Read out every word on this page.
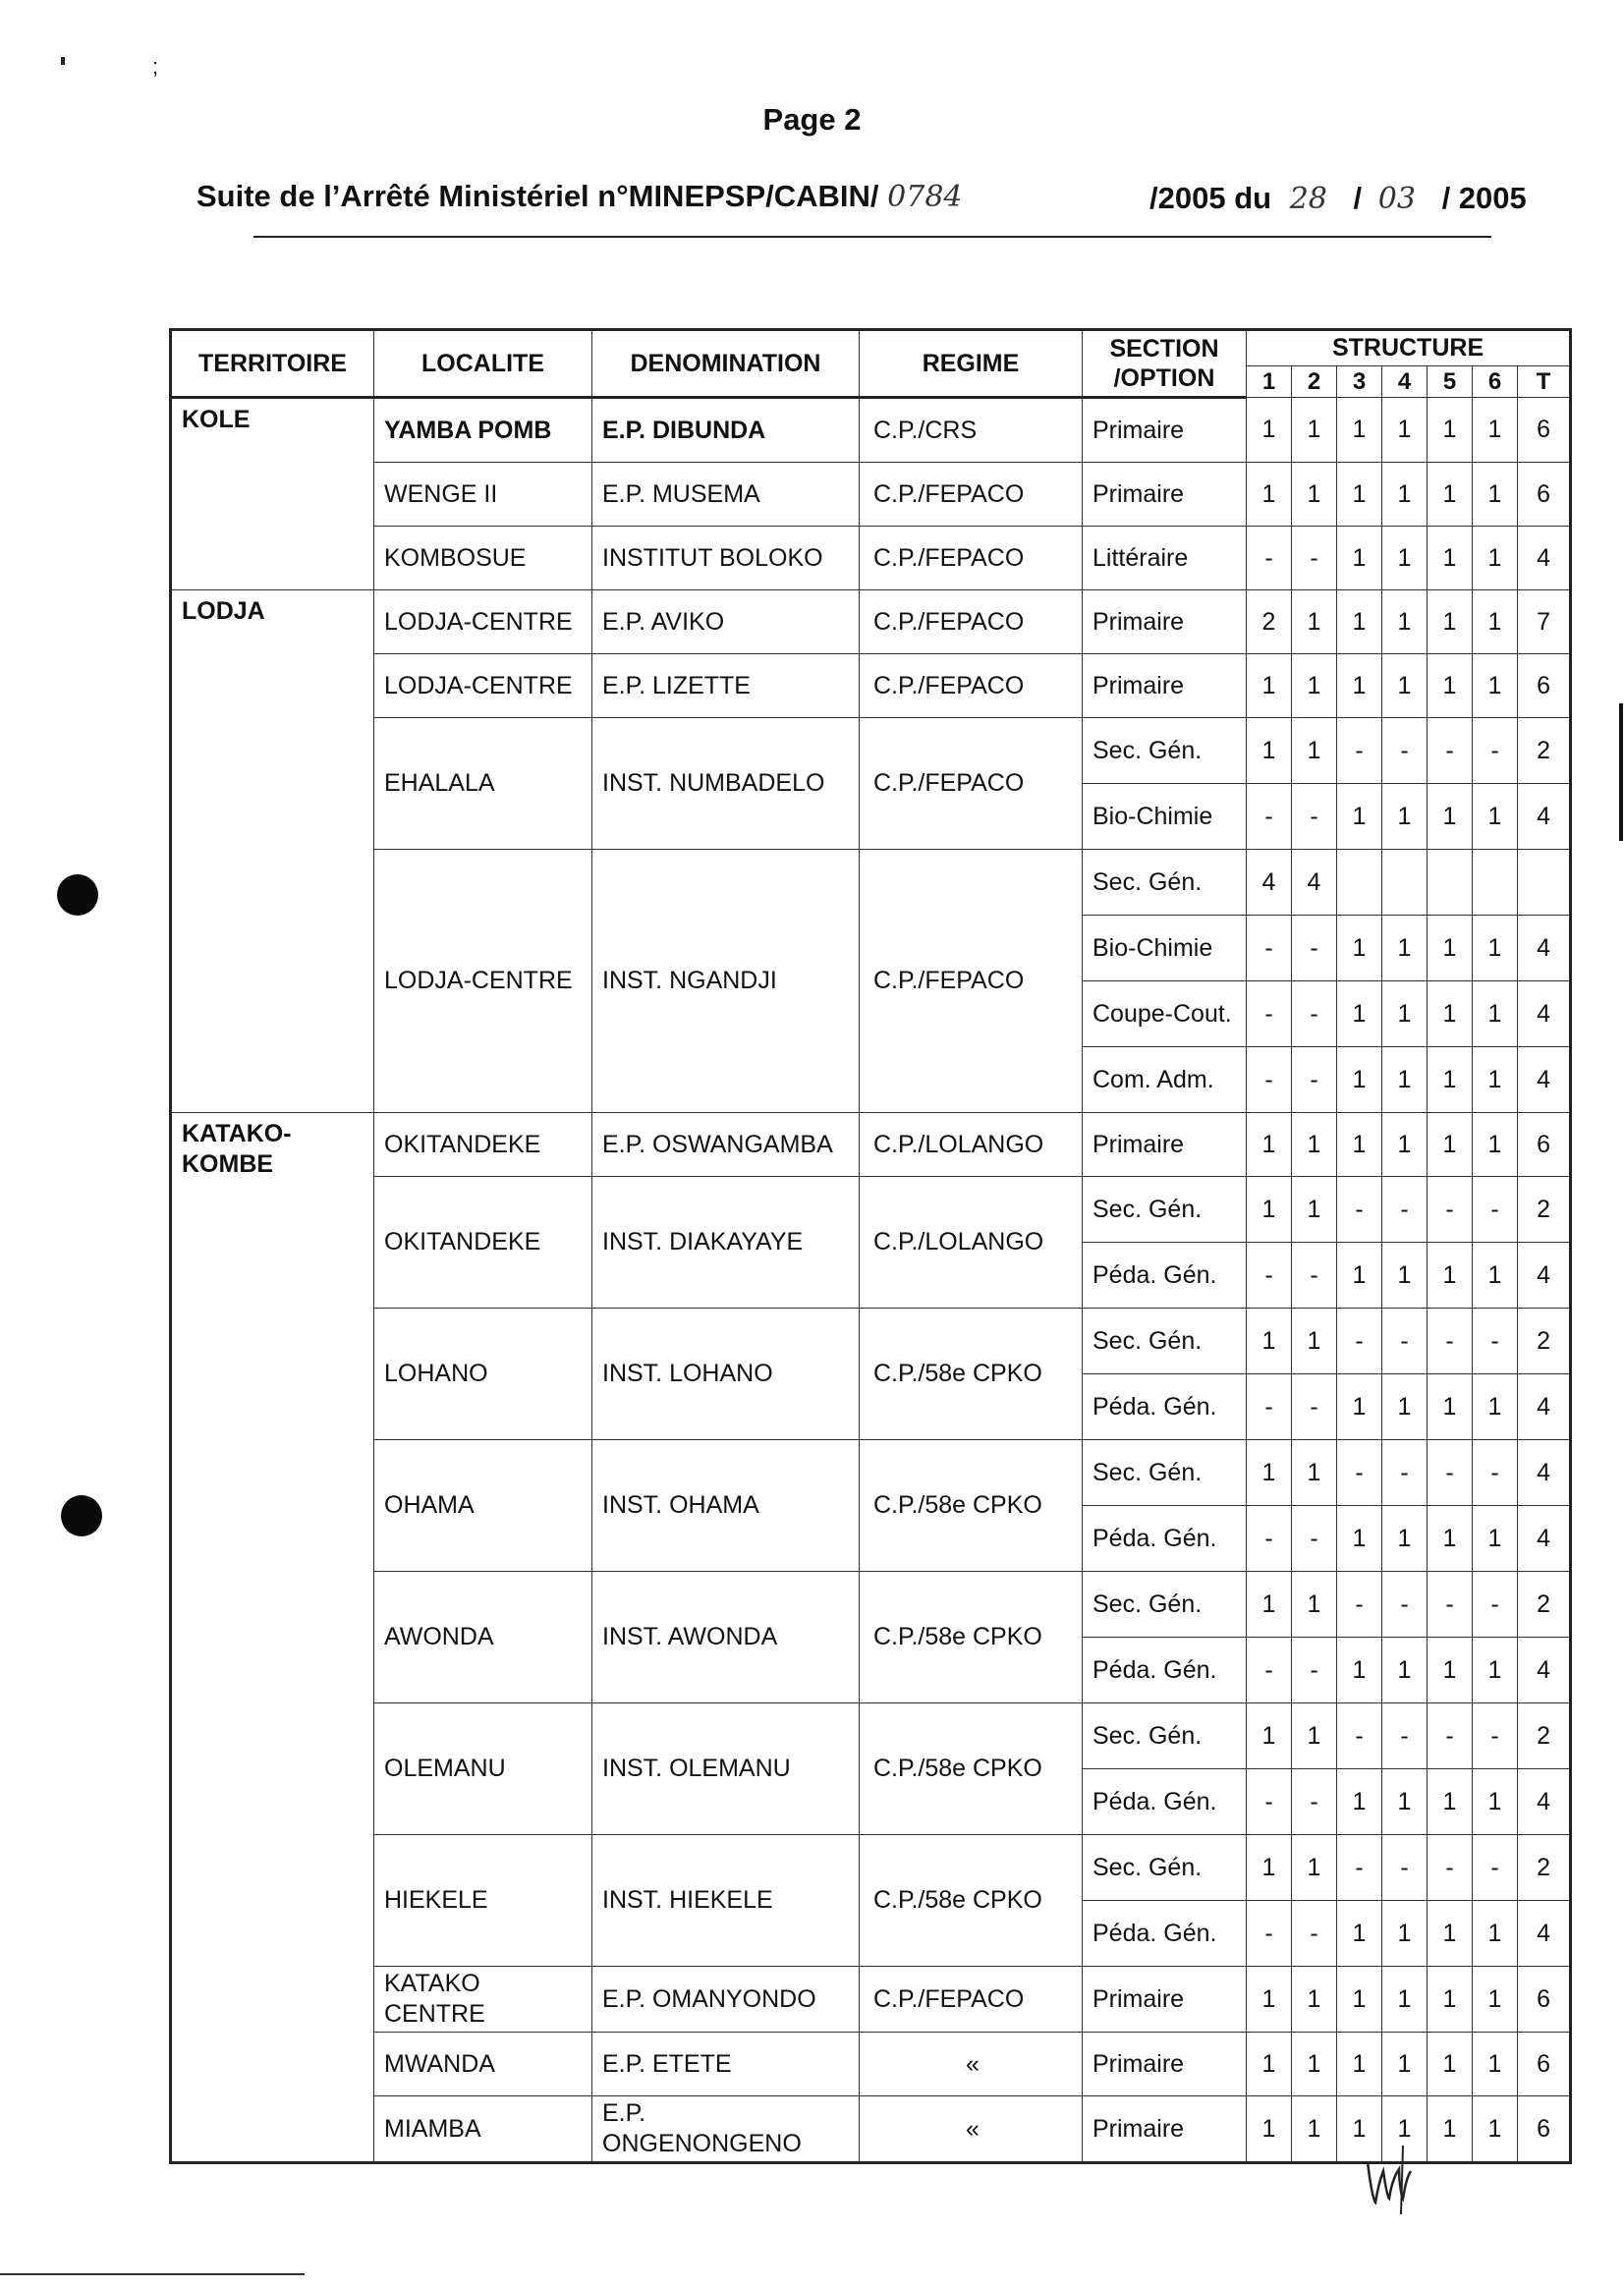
;
Page 2
Suite de l’Arrêté Ministériel n°MINEPSP/CABIN/ 0784	/2005 du 28 / 03 / 2005
TERRITOIRE	LOCALITE	DENOMINATION	REGIME	SECTION
/OPTION	STRUCTURE						
					1	2	3	4	5	6	T
KOLE	YAMBA POMB	E.P. DIBUNDA	C.P./CRS	Primaire	1	1	1	1	1	1	6
	WENGE II	E.P. MUSEMA	C.P./FEPACO	Primaire	1	1	1	1	1	1	6
	KOMBOSUE	INSTITUT BOLOKO	C.P./FEPACO	Littéraire	-	-	1	1	1	1	4
LODJA	LODJA-CENTRE	E.P. AVIKO	C.P./FEPACO	Primaire	2	1	1	1	1	1	7
	LODJA-CENTRE	E.P. LIZETTE	C.P./FEPACO	Primaire	1	1	1	1	1	1	6
	EHALALA	INST. NUMBADELO	C.P./FEPACO	Sec. Gén.	1	1	-	-	-	-	2
				Bio-Chimie	-	-	1	1	1	1	4
	LODJA-CENTRE	INST. NGANDJI	C.P./FEPACO	Sec. Gén.	4	4					
				Bio-Chimie	-	-	1	1	1	1	4
				Coupe-Cout.	-	-	1	1	1	1	4
				Com. Adm.	-	-	1	1	1	1	4
KATAKO-KOMBE	OKITANDEKE	E.P. OSWANGAMBA	C.P./LOLANGO	Primaire	1	1	1	1	1	1	6
	OKITANDEKE	INST. DIAKAYAYE	C.P./LOLANGO	Sec. Gén.	1	1	-	-	-	-	2
				Péda. Gén.	-	-	1	1	1	1	4
	LOHANO	INST. LOHANO	C.P./58e CPKO	Sec. Gén.	1	1	-	-	-	-	2
				Péda. Gén.	-	-	1	1	1	1	4
	OHAMA	INST. OHAMA	C.P./58e CPKO	Sec. Gén.	1	1	-	-	-	-	4
				Péda. Gén.	-	-	1	1	1	1	4
	AWONDA	INST. AWONDA	C.P./58e CPKO	Sec. Gén.	1	1	-	-	-	-	2
				Péda. Gén.	-	-	1	1	1	1	4
	OLEMANU	INST. OLEMANU	C.P./58e CPKO	Sec. Gén.	1	1	-	-	-	-	2
				Péda. Gén.	-	-	1	1	1	1	4
	HIEKELE	INST. HIEKELE	C.P./58e CPKO	Sec. Gén.	1	1	-	-	-	-	2
				Péda. Gén.	-	-	1	1	1	1	4
	KATAKO CENTRE	E.P. OMANYONDO	C.P./FEPACO	Primaire	1	1	1	1	1	1	6
	MWANDA	E.P. ETETE	«	Primaire	1	1	1	1	1	1	6
	MIAMBA	E.P. ONGENONGENO	«	Primaire	1	1	1	1	1	1	6
